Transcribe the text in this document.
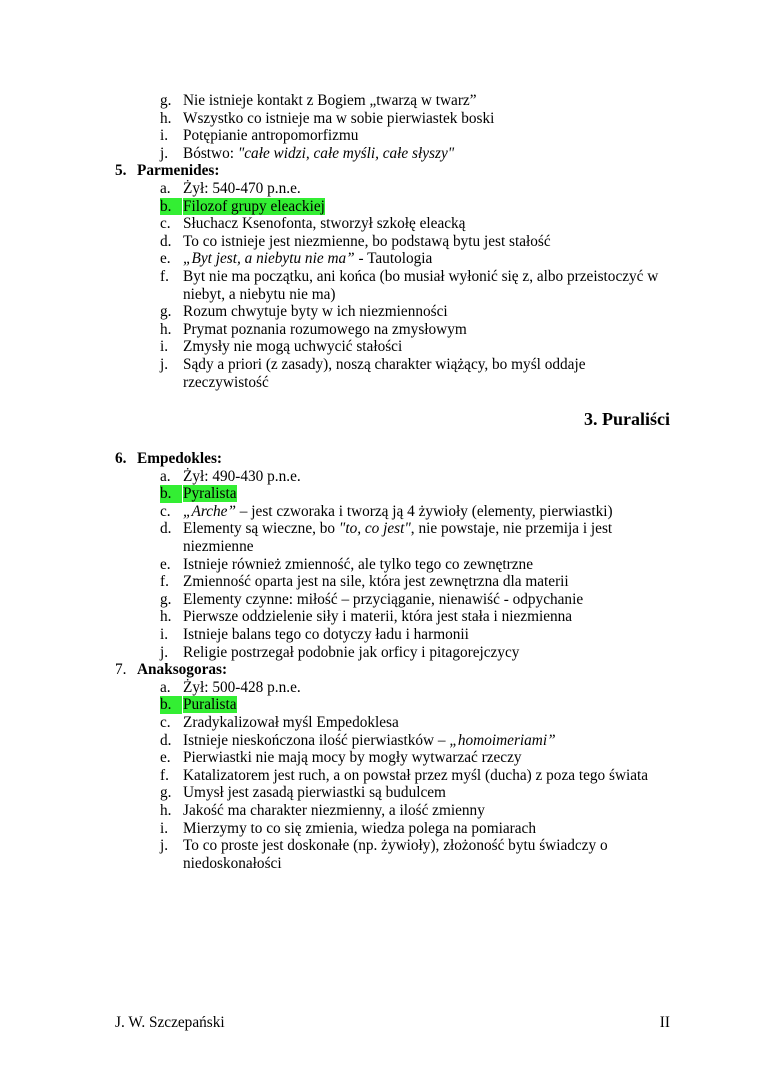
g. Nie istnieje kontakt z Bogiem „twarzą w twarz”
h. Wszystko co istnieje ma w sobie pierwiastek boski
i. Potępianie antropomorfizmu
j. Bóstwo: "całe widzi, całe myśli, całe słyszy"
5. Parmenides:
a. Żył: 540-470 p.n.e.
b. Filozof grupy eleackiej
c. Słuchacz Ksenofonta, stworzył szkołę eleacką
d. To co istnieje jest niezmienne, bo podstawą bytu jest stałość
e. „Byt jest, a niebytu nie ma” - Tautologia
f. Byt nie ma początku, ani końca (bo musiał wyłonić się z, albo przeistoczyć w niebyt, a niebytu nie ma)
g. Rozum chwytuje byty w ich niezmienności
h. Prymat poznania rozumowego na zmysłowym
i. Zmysły nie mogą uchwycić stałości
j. Sądy a priori (z zasady), noszą charakter wiążący, bo myśl oddaje rzeczywistość
3. Puraliści
6. Empedokles:
a. Żył: 490-430 p.n.e.
b. Pyralista
c. „Arche” – jest czworaka i tworzą ją 4 żywioły (elementy, pierwiastki)
d. Elementy są wieczne, bo "to, co jest", nie powstaje, nie przemija i jest niezmienne
e. Istnieje również zmienność, ale tylko tego co zewnętrzne
f. Zmienność oparta jest na sile, która jest zewnętrzna dla materii
g. Elementy czynne: miłość – przyciąganie, nienawiść - odpychanie
h. Pierwsze oddzielenie siły i materii, która jest stała i niezmienna
i. Istnieje balans tego co dotyczy ładu i harmonii
j. Religie postrzegał podobnie jak orficy i pitagorejczycy
7. Anaksogoras:
a. Żył: 500-428 p.n.e.
b. Puralista
c. Zradykalizował myśl Empedoklesa
d. Istnieje nieskończona ilość pierwiastków – „homoimeriami”
e. Pierwiastki nie mają mocy by mogły wytwarzać rzeczy
f. Katalizatorem jest ruch, a on powstał przez myśl (ducha) z poza tego świata
g. Umysł jest zasadą pierwiastki są budulcem
h. Jakość ma charakter niezmienny, a ilość zmienny
i. Mierzymy to co się zmienia, wiedza polega na pomiarach
j. To co proste jest doskonałe (np. żywioły), złożoność bytu świadczy o niedoskonałości
J. W. Szczepański	II
